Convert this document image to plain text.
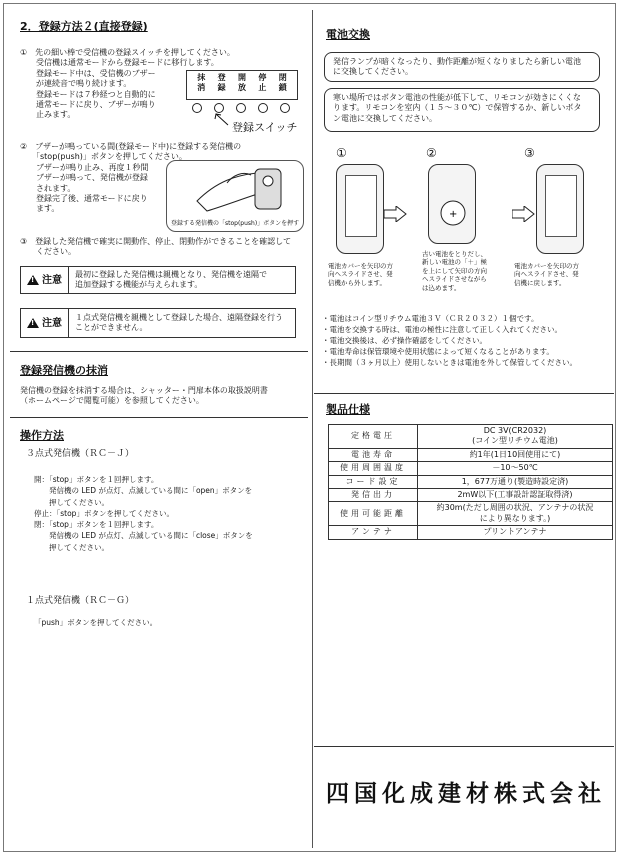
2．登録方法２(直接登録)
①　先の細い棒で受信機の登録スイッチを押してください。
　　受信機は通常モードから登録モードに移行します。
　　登録モード中は、受信機のブザー
　　が連続音で鳴り続けます。
　　登録モードは７秒経つと自動的に
　　通常モードに戻り、ブザーが鳴り
　　止みます。
抹 登 開 停 閉
消 録 放 止 鎖
登録スイッチ
②　ブザーが鳴っている間(登録モード中)に登録する発信機の
　　「stop(push)」ボタンを押してください。
　　ブザーが鳴り止み、再度１秒間
　　ブザーが鳴って、発信機が登録
　　されます。
　　登録完了後、通常モードに戻り
　　ます。
登録する発信機の「stop(push)」ボタンを押す
③　登録した発信機で確実に開動作、停止、閉動作ができることを確認して
　　ください。
!
注意
最初に登録した発信機は親機となり、発信機を遠隔で
追加登録する機能が与えられます。
!
注意
１点式発信機を親機として登録した場合、遠隔登録を行う
ことができません。
登録発信機の抹消
発信機の登録を抹消する場合は、シャッター・門扉本体の取扱説明書
（ホームページで閲覧可能）を参照してください。
操作方法
３点式発信機（ＲＣ－Ｊ）
開：「stop」ボタンを１回押します。
　　発信機の LED が点灯、点滅している間に「open」ボタンを
　　押してください。
停止：「stop」ボタンを押してください。
閉：「stop」ボタンを１回押します。
　　発信機の LED が点灯、点滅している間に「close」ボタンを
　　押してください。
１点式発信機（ＲＣ－Ｇ）
「push」ボタンを押してください。
電池交換
発信ランプが暗くなったり、動作距離が短くなりましたら新しい電池
に交換してください。
寒い場所ではボタン電池の性能が低下して、リモコンが効きにくくな
ります。リモコンを室内（１５～３０℃）で保管するか、新しいボタ
ン電池に交換してください。
①
電池カバーを矢印の方
向へスライドさせ、発
信機から外します。
②
+
古い電池をとりだし、
新しい電池の「＋」極
を上にして矢印の方向
へスライドさせながら
は込めます。
③
電池カバーを矢印の方
向へスライドさせ、発
信機に戻します。
・電池はコイン型リチウム電池３Ｖ（ＣＲ２０３２）１個です。
・電池を交換する時は、電池の極性に注意して正しく入れてください。
・電池交換後は、必ず操作確認をしてください。
・電池寿命は保管環境や使用状態によって短くなることがあります。
・長期間（３ヶ月以上）使用しないときは電池を外して保管してください。
製品仕様
定格電圧	DC 3V(CR2032)
(コイン型リチウム電池)
電池寿命	約1年(1日10回使用にて)
使用周囲温度	－10～50℃
コード設定	1，677万通り(製造時設定済)
発信出力	2mW以下(工事設計認証取得済)
使用可能距離	約30m(ただし周囲の状況、アンテナの状況
により異なります。)
アンテナ	プリントアンテナ
四国化成建材株式会社
